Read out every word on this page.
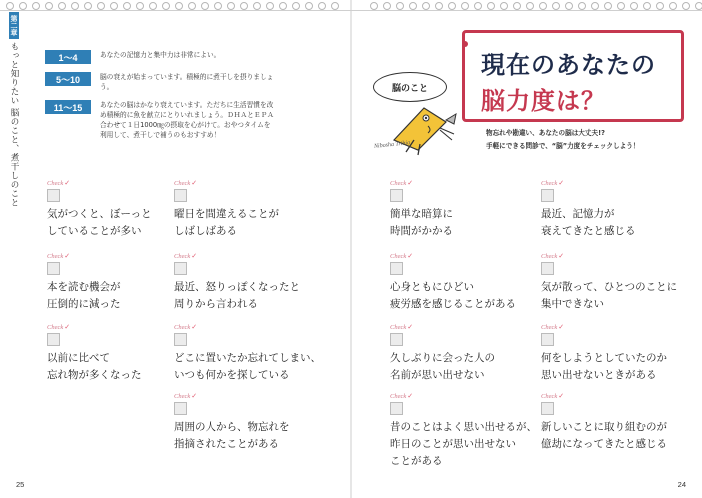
第二章
もっと知りたい 脳のこと、煮干しのこと	1〜4	あなたの記憶力と集中力は非常によい。
5〜10	脳の衰えが始まっています。積極的に煮干しを摂りましょう。
11〜15	あなたの脳はかなり衰えています。ただちに生活習慣を改め積極的に魚を献立にとりいれましょう。ＤＨＡとＥＰＡ合わせて１日1000㎎の摂取を心がけて。おやつタイムを利用して、煮干しで補うのもおすすめ！
25	24
Check ✓
気がつくと、ぼーっと
していることが多い
Check ✓
曜日を間違えることが
しばしばある
Check ✓
本を読む機会が
圧倒的に減った
Check ✓
最近、怒りっぽくなったと
周りから言われる
Check ✓
以前に比べて
忘れ物が多くなった
Check ✓
どこに置いたか忘れてしまい、
いつも何かを探している
Check ✓
周囲の人から、物忘れを
指摘されたことがある
現在のあなたの
脳力度は？
脳のこと
Nibosha Tribia
物忘れや勘違い、あなたの脳は大丈夫!?
手軽にできる問診で、“脳”力度をチェックしよう！
Check ✓
簡単な暗算に
時間がかかる
Check ✓
最近、記憶力が
衰えてきたと感じる
Check ✓
心身ともにひどい
疲労感を感じることがある
Check ✓
気が散って、ひとつのことに
集中できない
Check ✓
久しぶりに会った人の
名前が思い出せない
Check ✓
何をしようとしていたのか
思い出せないときがある
Check ✓
昔のことはよく思い出せるが、
昨日のことが思い出せない
ことがある
Check ✓
新しいことに取り組むのが
億劫になってきたと感じる
